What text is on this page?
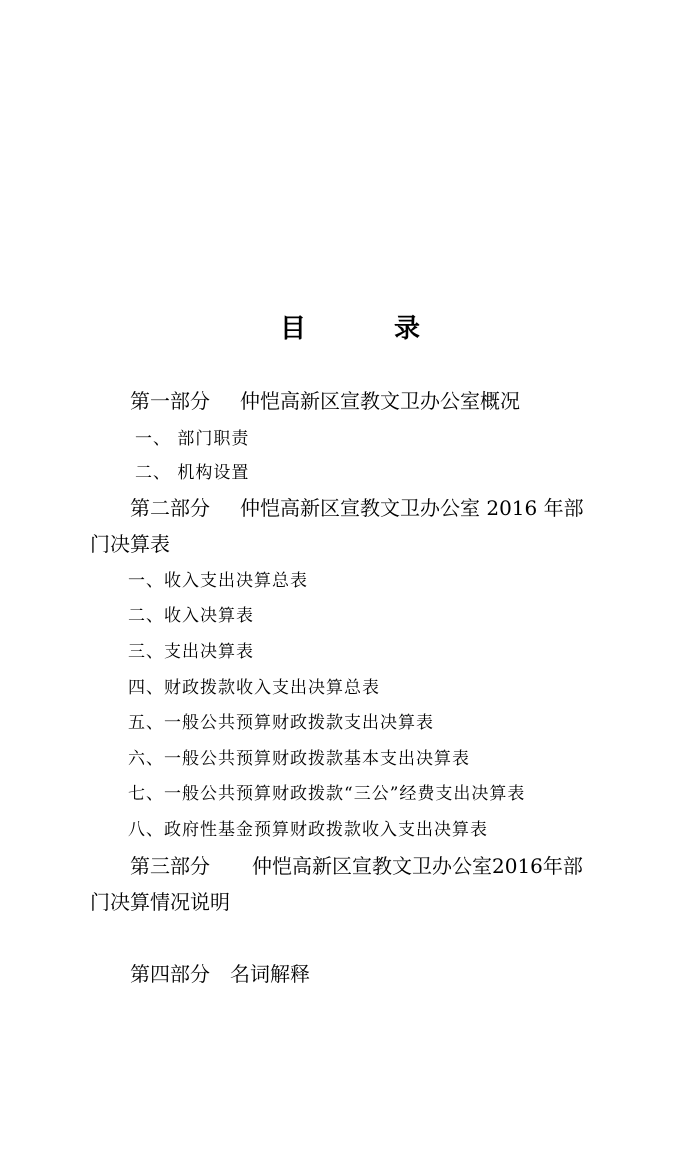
目	录
第一部分 仲恺高新区宣教文卫办公室概况
一、 部门职责
二、 机构设置
第二部分 仲恺高新区宣教文卫办公室 2016 年部
门决算表
一、收入支出决算总表
二、收入决算表
三、支出决算表
四、财政拨款收入支出决算总表
五、一般公共预算财政拨款支出决算表
六、一般公共预算财政拨款基本支出决算表
七、一般公共预算财政拨款“三公”经费支出决算表
八、政府性基金预算财政拨款收入支出决算表
第三部分 仲恺高新区宣教文卫办公室2016年部
门决算情况说明
第四部分 名词解释
